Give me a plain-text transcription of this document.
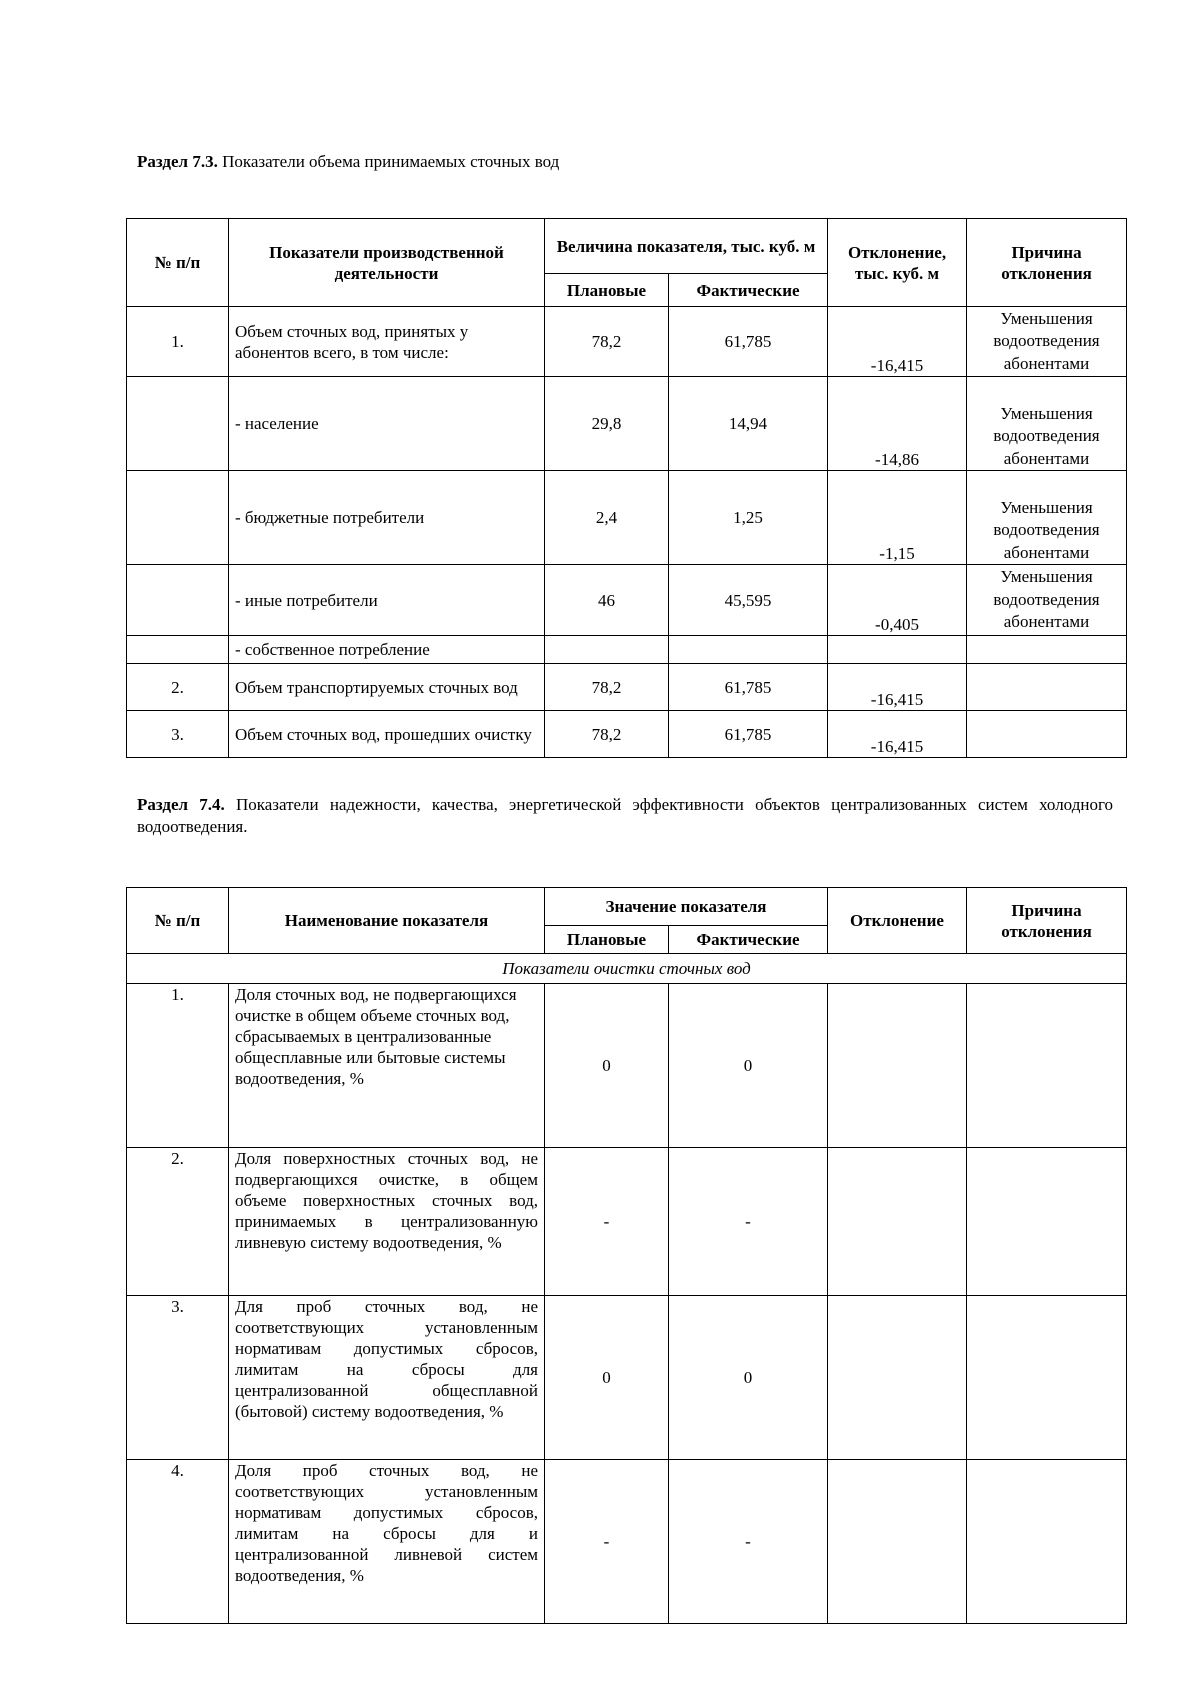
Раздел 7.3. Показатели объема принимаемых сточных вод
№ п/п	Показатели производственной деятельности	Величина показателя, тыс. куб. м		Отклонение, тыс. куб. м	Причина отклонения
		Плановые	Фактические		
1.	Объем сточных вод, принятых у абонентов всего, в том числе:	78,2	61,785	-16,415	Уменьшения водоотведения абонентами
	- население	29,8	14,94	-14,86	Уменьшения водоотведения абонентами
	- бюджетные потребители	2,4	1,25	-1,15	Уменьшения водоотведения абонентами
	- иные потребители	46	45,595	-0,405	Уменьшения водоотведения абонентами
	- собственное потребление				
2.	Объем транспортируемых сточных вод	78,2	61,785	-16,415	
3.	Объем сточных вод, прошедших очистку	78,2	61,785	-16,415	
Раздел 7.4. Показатели надежности, качества, энергетической эффективности объектов централизованных систем холодного водоотведения.
№ п/п	Наименование показателя	Значение показателя		Отклонение	Причина отклонения
		Плановые	Фактические		
Показатели очистки сточных вод					
1.	Доля сточных вод, не подвергающихся очистке в общем объеме сточных вод, сбрасываемых в централизованные общесплавные или бытовые системы водоотведения, %	0	0		
2.	Доля поверхностных сточных вод, не подвергающихся очистке, в общем объеме поверхностных сточных вод, принимаемых в централизованную ливневую систему водоотведения, %	-	-		
3.	Для проб сточных вод, не соответствующих установленным нормативам допустимых сбросов, лимитам на сбросы для централизованной общесплавной (бытовой) систему водоотведения, %	0	0		
4.	Доля проб сточных вод, не соответствующих установленным нормативам допустимых сбросов, лимитам на сбросы для и централизованной ливневой систем водоотведения, %	-	-		
